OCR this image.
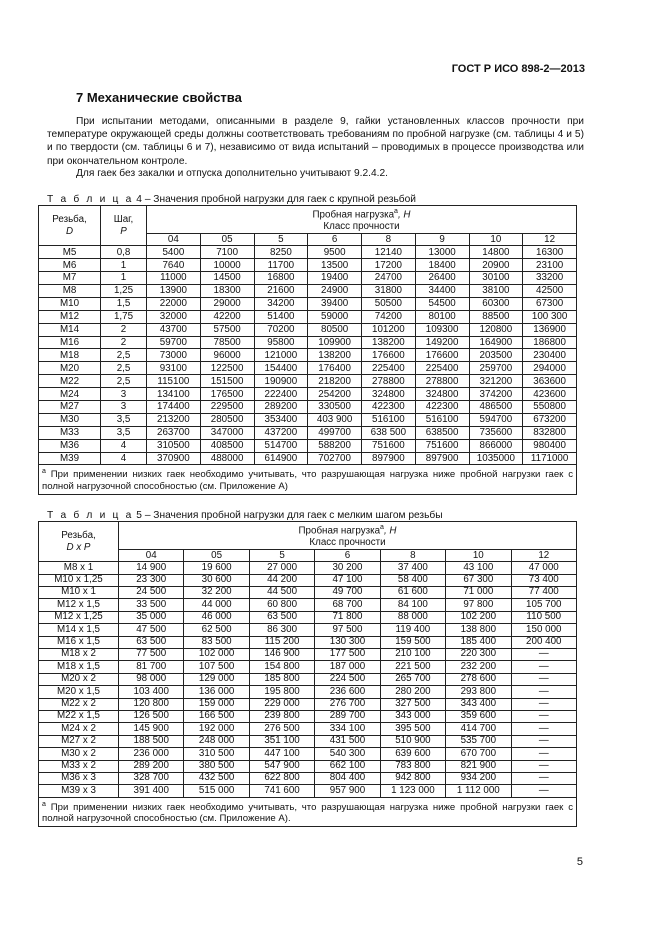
ГОСТ Р ИСО 898-2—2013
7 Механические свойства

При испытании методами, описанными в разделе 9, гайки установленных классов прочности при температуре окружающей среды должны соответствовать требованиям по пробной нагрузке (см. таблицы 4 и 5) и по твердости (см. таблицы 6 и 7), независимо от вида испытаний – проводимых в процессе производства или при окончательном контроле.

Для гаек без закалки и отпуска дополнительно учитывают 9.2.4.2.

Т а б л и ц а 4 – Значения пробной нагрузки для гаек с крупной резьбой
Резьба,
D	Шаг,
P	Пробная нагрузка$^а$, Н
Класс прочности							
		04	05	5	6	8	9	10	12
М5	0,8	5400	7100	8250	9500	12140	13000	14800	16300
М6	1	7640	10000	11700	13500	17200	18400	20900	23100
М7	1	11000	14500	16800	19400	24700	26400	30100	33200
М8	1,25	13900	18300	21600	24900	31800	34400	38100	42500
М10	1,5	22000	29000	34200	39400	50500	54500	60300	67300
М12	1,75	32000	42200	51400	59000	74200	80100	88500	100 300
М14	2	43700	57500	70200	80500	101200	109300	120800	136900
М16	2	59700	78500	95800	109900	138200	149200	164900	186800
М18	2,5	73000	96000	121000	138200	176600	176600	203500	230400
М20	2,5	93100	122500	154400	176400	225400	225400	259700	294000
М22	2,5	115100	151500	190900	218200	278800	278800	321200	363600
М24	3	134100	176500	222400	254200	324800	324800	374200	423600
М27	3	174400	229500	289200	330500	422300	422300	486500	550800
М30	3,5	213200	280500	353400	403 900	516100	516100	594700	673200
М33	3,5	263700	347000	437200	499700	638 500	638500	735600	832800
М36	4	310500	408500	514700	588200	751600	751600	866000	980400
М39	4	370900	488000	614900	702700	897900	897900	1035000	1171000
$^а$ При применении низких гаек необходимо учитывать, что разрушающая нагрузка ниже пробной нагрузки гаек с полной нагрузочной способностью (см. Приложение А)									
Т а б л и ц а 5 – Значения пробной нагрузки для гаек с мелким шагом резьбы
Резьба,
D x P	Пробная нагрузка$^а$, Н
Класс прочности						
	04	05	5	6	8	10	12
М8 х 1	14 900	19 600	27 000	30 200	37 400	43 100	47 000
М10 х 1,25	23 300	30 600	44 200	47 100	58 400	67 300	73 400
М10 х 1	24 500	32 200	44 500	49 700	61 600	71 000	77 400
М12 х 1,5	33 500	44 000	60 800	68 700	84 100	97 800	105 700
М12 х 1,25	35 000	46 000	63 500	71 800	88 000	102 200	110 500
М14 х 1,5	47 500	62 500	86 300	97 500	119 400	138 800	150 000
М16 х 1,5	63 500	83 500	115 200	130 300	159 500	185 400	200 400
М18 х 2	77 500	102 000	146 900	177 500	210 100	220 300	—
М18 х 1,5	81 700	107 500	154 800	187 000	221 500	232 200	—
М20 х 2	98 000	129 000	185 800	224 500	265 700	278 600	—
М20 х 1,5	103 400	136 000	195 800	236 600	280 200	293 800	—
М22 х 2	120 800	159 000	229 000	276 700	327 500	343 400	—
М22 х 1,5	126 500	166 500	239 800	289 700	343 000	359 600	—
М24 х 2	145 900	192 000	276 500	334 100	395 500	414 700	—
М27 х 2	188 500	248 000	351 100	431 500	510 900	535 700	—
М30 х 2	236 000	310 500	447 100	540 300	639 600	670 700	—
М33 х 2	289 200	380 500	547 900	662 100	783 800	821 900	—
М36 х 3	328 700	432 500	622 800	804 400	942 800	934 200	—
М39 х 3	391 400	515 000	741 600	957 900	1 123 000	1 112 000	—
$^а$ При применении низких гаек необходимо учитывать, что разрушающая нагрузка ниже пробной нагрузки гаек с полной нагрузочной способностью (см. Приложение А).							
5
